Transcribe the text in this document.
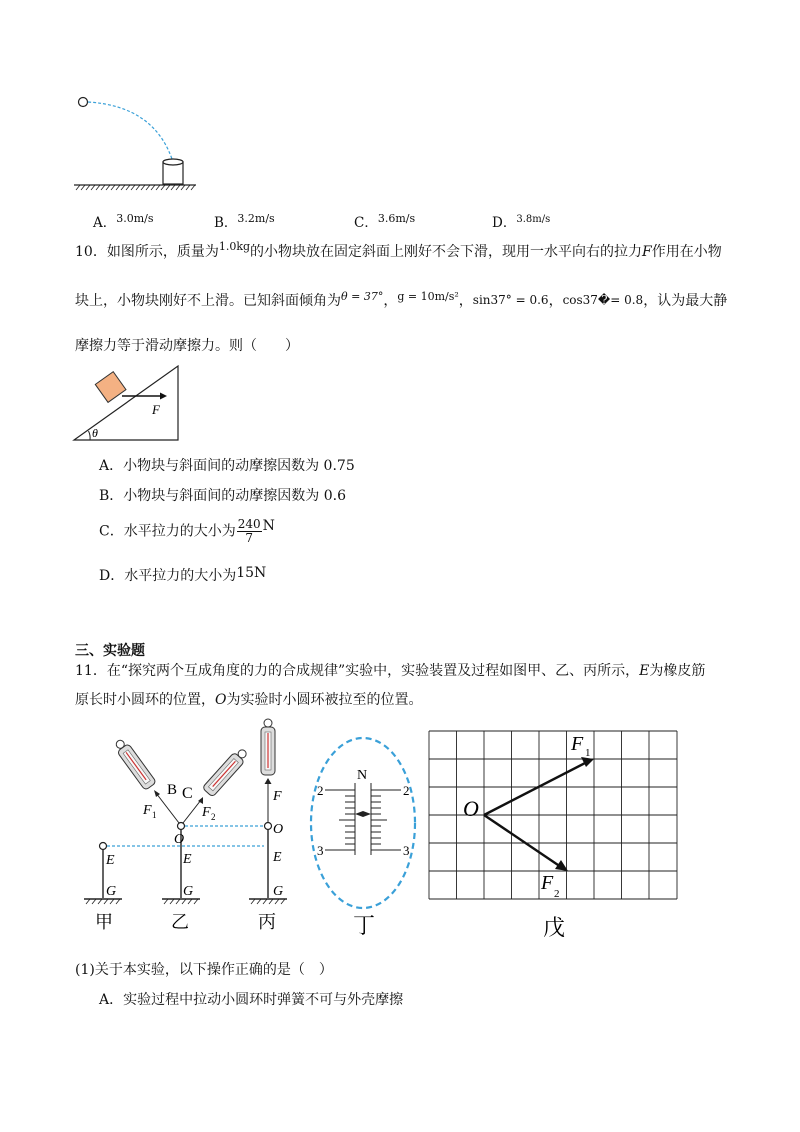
A．$^{3.0m/s}$	B．$^{3.2m/s}$	C．$^{3.6m/s}$	D．$^{3.8m/s}$
10．如图所示，质量为$^{1.0kg}$的小物块放在固定斜面上刚好不会下滑，现用一水平向右的拉力F作用在小物
块上，小物块刚好不上滑。已知斜面倾角为$^{\theta = 37^\circ}$，$^{g = 10m/s^2}$，sin37° = 0.6，cos37�= 0.8，认为最大静
摩擦力等于滑动摩擦力。则（　　）
F
θ
A．小物块与斜面间的动摩擦因数为 0.75
B．小物块与斜面间的动摩擦因数为 0.6
C．水平拉力的大小为 $\frac{240}{7}$ N
D．水平拉力的大小为15N
三、实验题
11．在“探究两个互成角度的力的合成规律”实验中，实验装置及过程如图甲、乙、丙所示，E为橡皮筋
原长时小圆环的位置，O为实验时小圆环被拉至的位置。
E
G
甲
B C
F 1	F 2
O
E
G
乙
F
O
E
G
丙
N
2	2
3	3
丁
O
F 1
F 2
戊
(1)关于本实验，以下操作正确的是（　）
A．实验过程中拉动小圆环时弹簧不可与外壳摩擦
